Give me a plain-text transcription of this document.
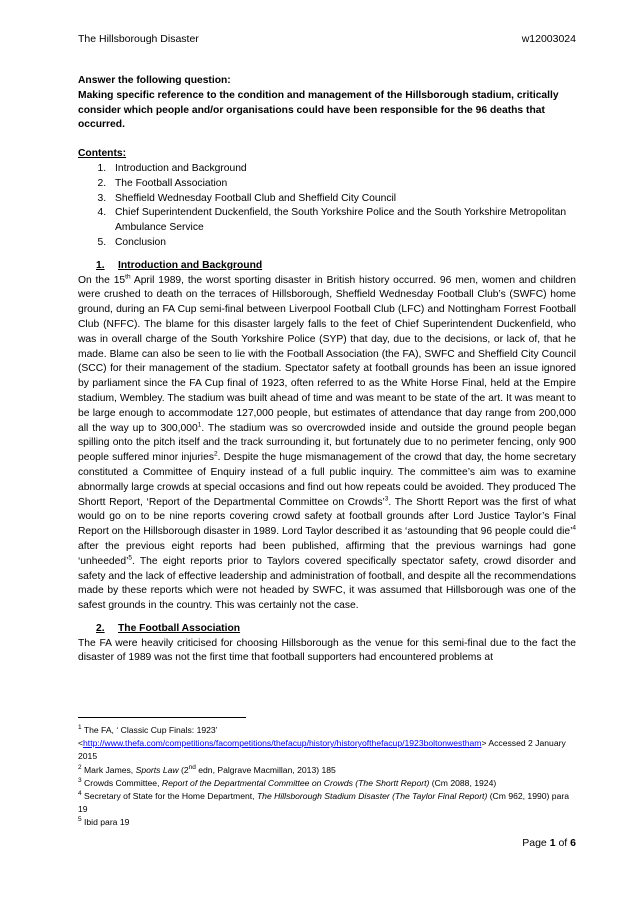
The Hillsborough Disaster	w12003024
Answer the following question:
Making specific reference to the condition and management of the Hillsborough stadium, critically consider which people and/or organisations could have been responsible for the 96 deaths that occurred.
Contents:
1. Introduction and Background
2. The Football Association
3. Sheffield Wednesday Football Club and Sheffield City Council
4. Chief Superintendent Duckenfield, the South Yorkshire Police and the South Yorkshire Metropolitan Ambulance Service
5. Conclusion
1. Introduction and Background
On the 15th April 1989, the worst sporting disaster in British history occurred. 96 men, women and children were crushed to death on the terraces of Hillsborough, Sheffield Wednesday Football Club’s (SWFC) home ground, during an FA Cup semi-final between Liverpool Football Club (LFC) and Nottingham Forrest Football Club (NFFC). The blame for this disaster largely falls to the feet of Chief Superintendent Duckenfield, who was in overall charge of the South Yorkshire Police (SYP) that day, due to the decisions, or lack of, that he made. Blame can also be seen to lie with the Football Association (the FA), SWFC and Sheffield City Council (SCC) for their management of the stadium. Spectator safety at football grounds has been an issue ignored by parliament since the FA Cup final of 1923, often referred to as the White Horse Final, held at the Empire stadium, Wembley. The stadium was built ahead of time and was meant to be state of the art. It was meant to be large enough to accommodate 127,000 people, but estimates of attendance that day range from 200,000 all the way up to 300,000$^1$. The stadium was so overcrowded inside and outside the ground people began spilling onto the pitch itself and the track surrounding it, but fortunately due to no perimeter fencing, only 900 people suffered minor injuries$^2$. Despite the huge mismanagement of the crowd that day, the home secretary constituted a Committee of Enquiry instead of a full public inquiry. The committee’s aim was to examine abnormally large crowds at special occasions and find out how repeats could be avoided. They produced The Shortt Report, ‘Report of the Departmental Committee on Crowds’$^3$. The Shortt Report was the first of what would go on to be nine reports covering crowd safety at football grounds after Lord Justice Taylor’s Final Report on the Hillsborough disaster in 1989. Lord Taylor described it as ‘astounding that 96 people could die’$^4$ after the previous eight reports had been published, affirming that the previous warnings had gone ‘unheeded’$^5$. The eight reports prior to Taylors covered specifically spectator safety, crowd disorder and safety and the lack of effective leadership and administration of football, and despite all the recommendations made by these reports which were not headed by SWFC, it was assumed that Hillsborough was one of the safest grounds in the country. This was certainly not the case.
2. The Football Association
The FA were heavily criticised for choosing Hillsborough as the venue for this semi-final due to the fact the disaster of 1989 was not the first time that football supporters had encountered problems at

$^1$ The FA, ‘ Classic Cup Finals: 1923’
<http://www.thefa.com/competitions/facompetitions/thefacup/history/historyofthefacup/1923boltonwestham> Accessed 2 January 2015

$^2$ Mark James, Sports Law (2nd edn, Palgrave Macmillan, 2013) 185

$^3$ Crowds Committee, Report of the Departmental Committee on Crowds (The Shortt Report) (Cm 2088, 1924)

$^4$ Secretary of State for the Home Department, The Hillsborough Stadium Disaster (The Taylor Final Report) (Cm 962, 1990) para 19

$^5$ Ibid para 19

Page 1 of 6
